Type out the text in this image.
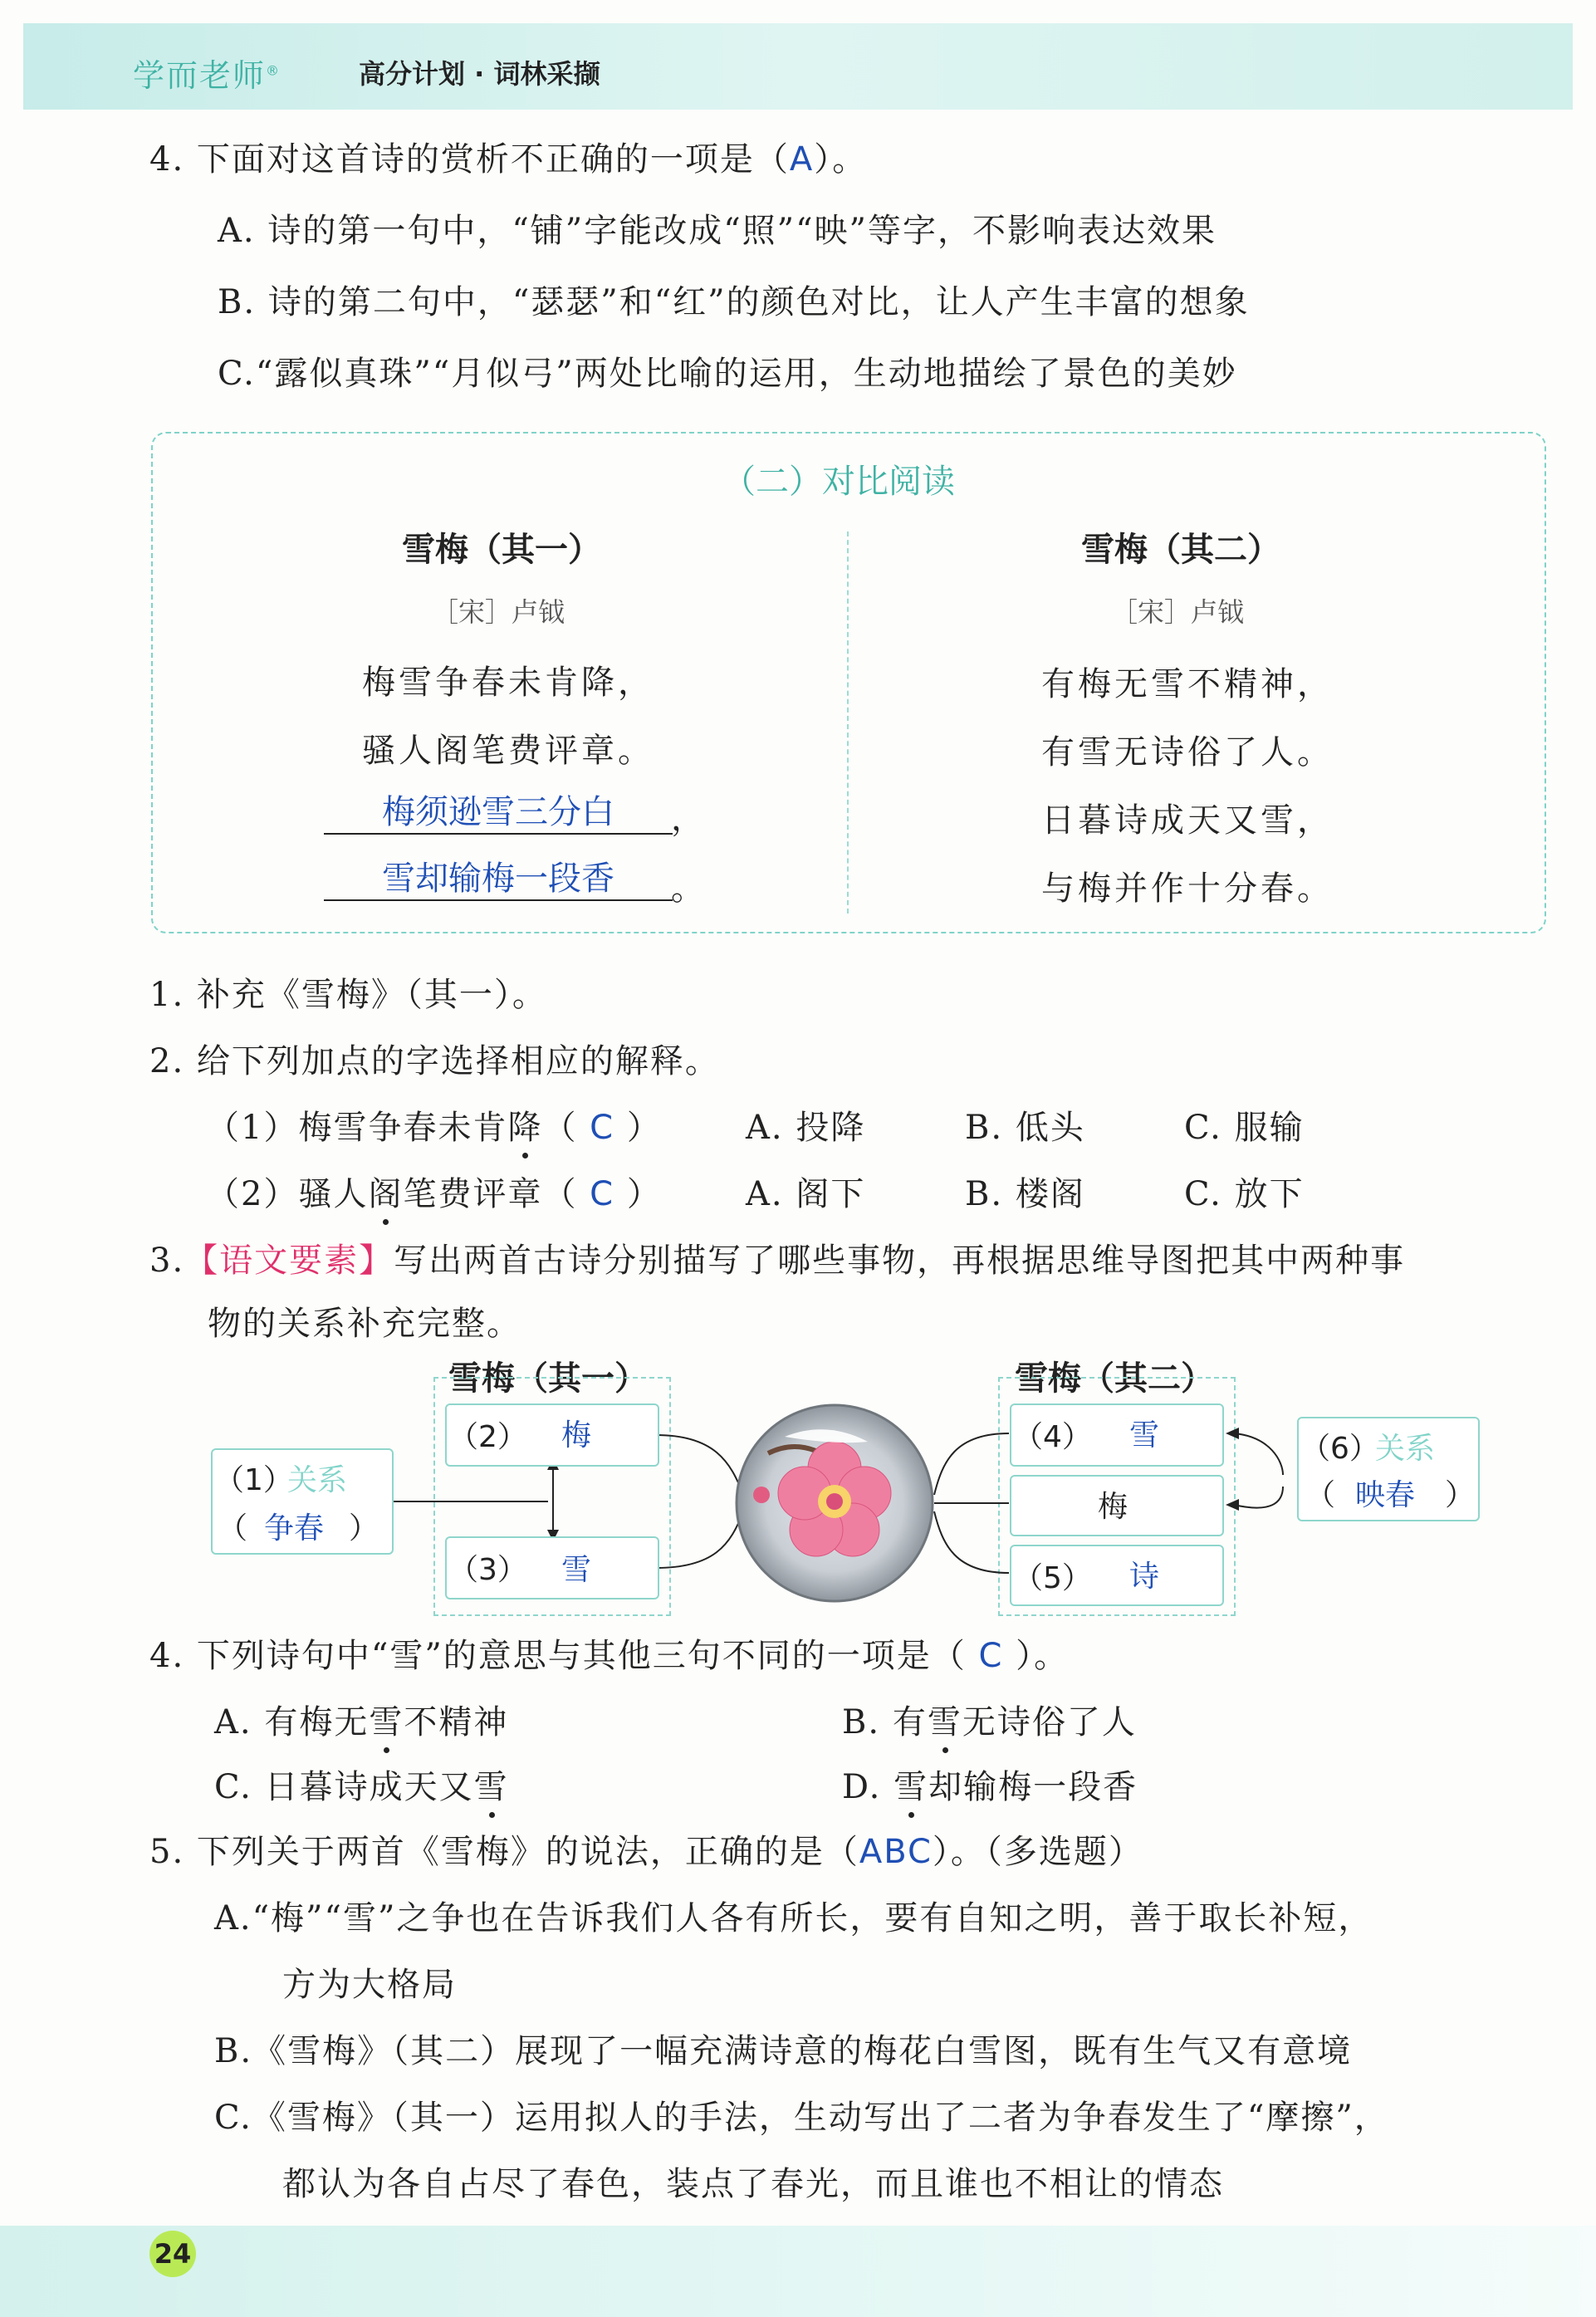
学而老师®	高分计划 · 词林采撷
4. 下面对这首诗的赏析不正确的一项是（A）。
A. 诗的第一句中，“铺”字能改成“照”“映”等字，不影响表达效果
B. 诗的第二句中，“瑟瑟”和“红”的颜色对比，让人产生丰富的想象
C.“露似真珠”“月似弓”两处比喻的运用，生动地描绘了景色的美妙
（二）对比阅读
雪梅（其一）
［宋］卢钺
梅雪争春未肯降，
骚人阁笔费评章。
梅须逊雪三分白	，
雪却输梅一段香	。
雪梅（其二）
［宋］卢钺
有梅无雪不精神，
有雪无诗俗了人。
日暮诗成天又雪，
与梅并作十分春。
1. 补充《雪梅》（其一）。
2. 给下列加点的字选择相应的解释。
（1）梅雪争春未肯降（ C ）	A. 投降	B. 低头	C. 服输
（2）骚人阁笔费评章（ C ）	A. 阁下	B. 楼阁	C. 放下
3.【语文要素】写出两首古诗分别描写了哪些事物，再根据思维导图把其中两种事
物的关系补充完整。
雪梅（其一）	雪梅（其二）
（2） 梅
（3） 雪
（1）
关系
（ 争春 ）
（4） 雪
梅
（5） 诗
（6）
关系
（ 映春 ）
4. 下列诗句中“雪”的意思与其他三句不同的一项是（ C ）。
A. 有梅无雪不精神	B. 有雪无诗俗了人
C. 日暮诗成天又雪	D. 雪却输梅一段香
5. 下列关于两首《雪梅》的说法，正确的是（ABC）。（多选题）
A.“梅”“雪”之争也在告诉我们人各有所长，要有自知之明，善于取长补短，
方为大格局
B.《雪梅》（其二）展现了一幅充满诗意的梅花白雪图，既有生气又有意境
C.《雪梅》（其一）运用拟人的手法，生动写出了二者为争春发生了“摩擦”，
都认为各自占尽了春色，装点了春光，而且谁也不相让的情态
24
